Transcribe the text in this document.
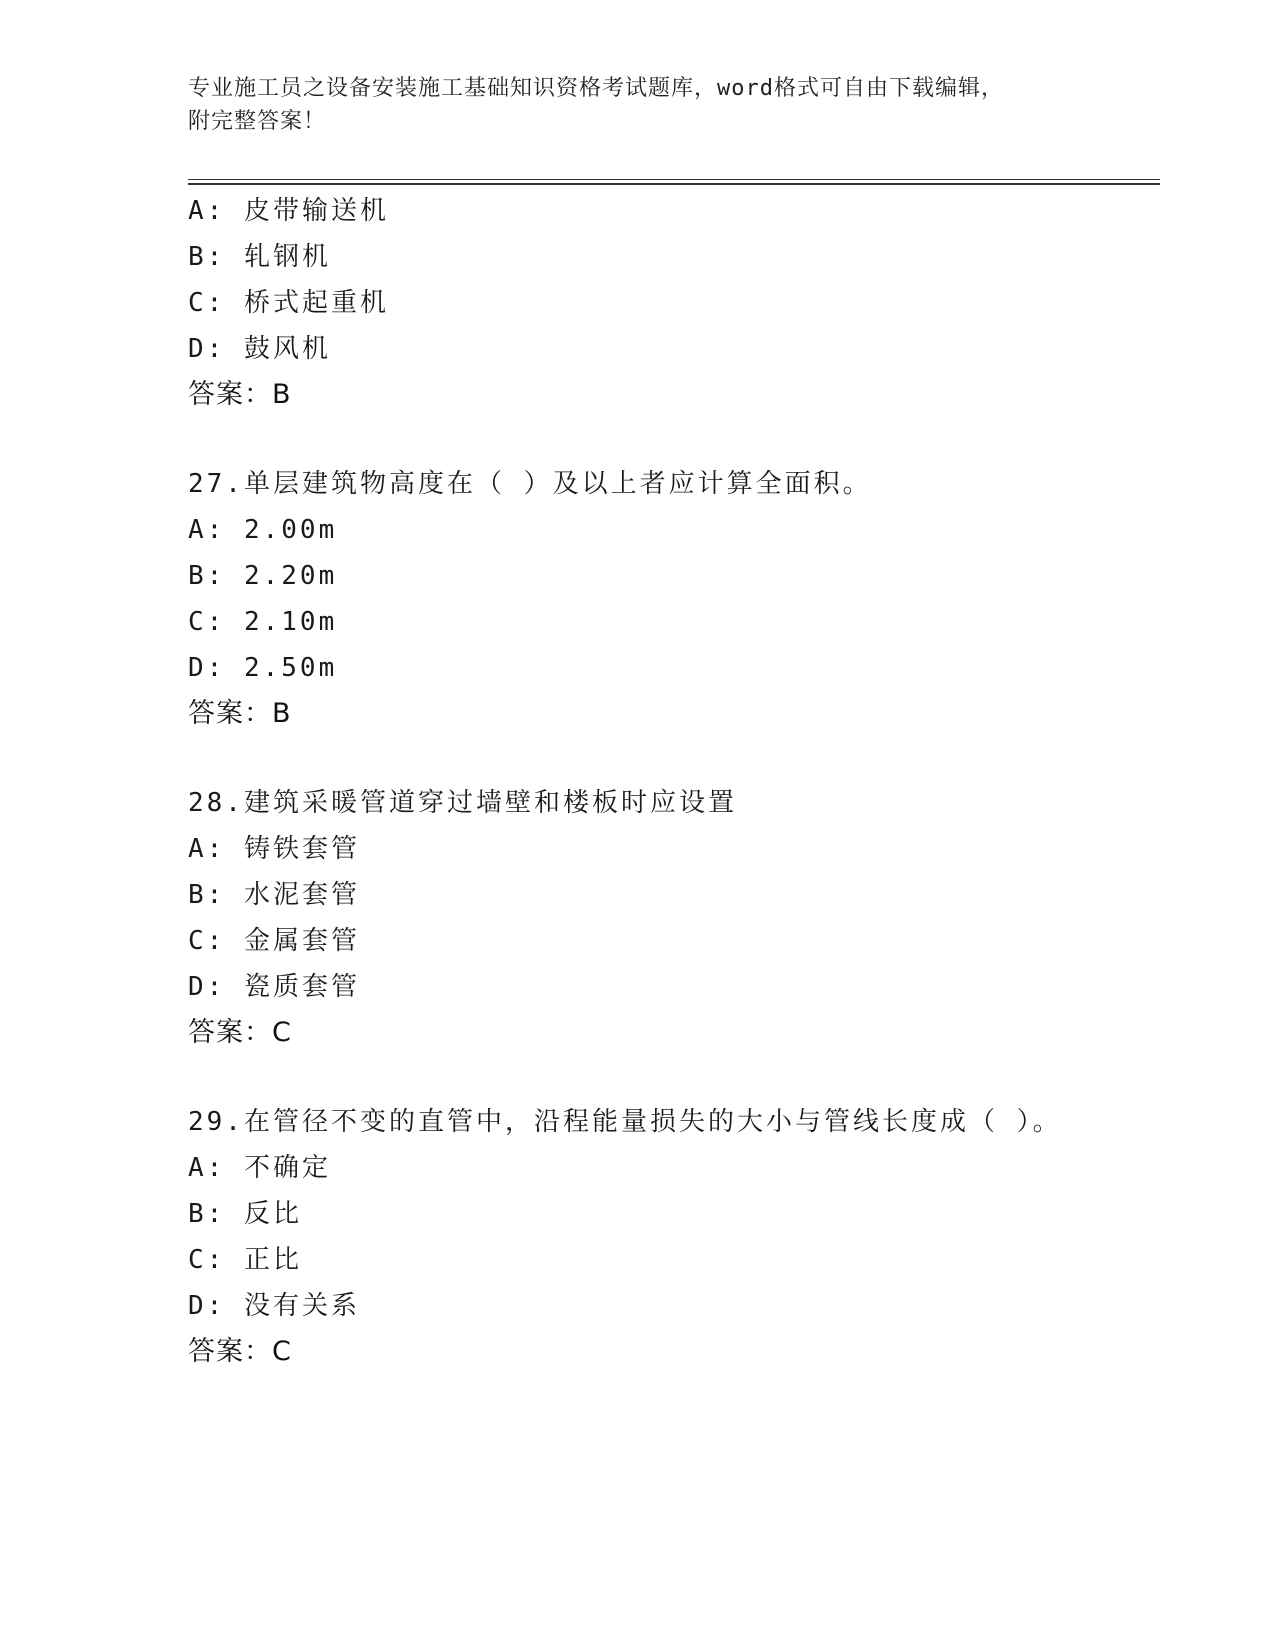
专业施工员之设备安装施工基础知识资格考试题库，word格式可自由下载编辑，
附完整答案！
A: 皮带输送机
B: 轧钢机
C: 桥式起重机
D: 鼓风机
答案：B
27.单层建筑物高度在（ ）及以上者应计算全面积。
A: 2.00m
B: 2.20m
C: 2.10m
D: 2.50m
答案：B
28.建筑采暖管道穿过墙壁和楼板时应设置
A: 铸铁套管
B: 水泥套管
C: 金属套管
D: 瓷质套管
答案：C
29.在管径不变的直管中，沿程能量损失的大小与管线长度成（ ）。
A: 不确定
B: 反比
C: 正比
D: 没有关系
答案：C
